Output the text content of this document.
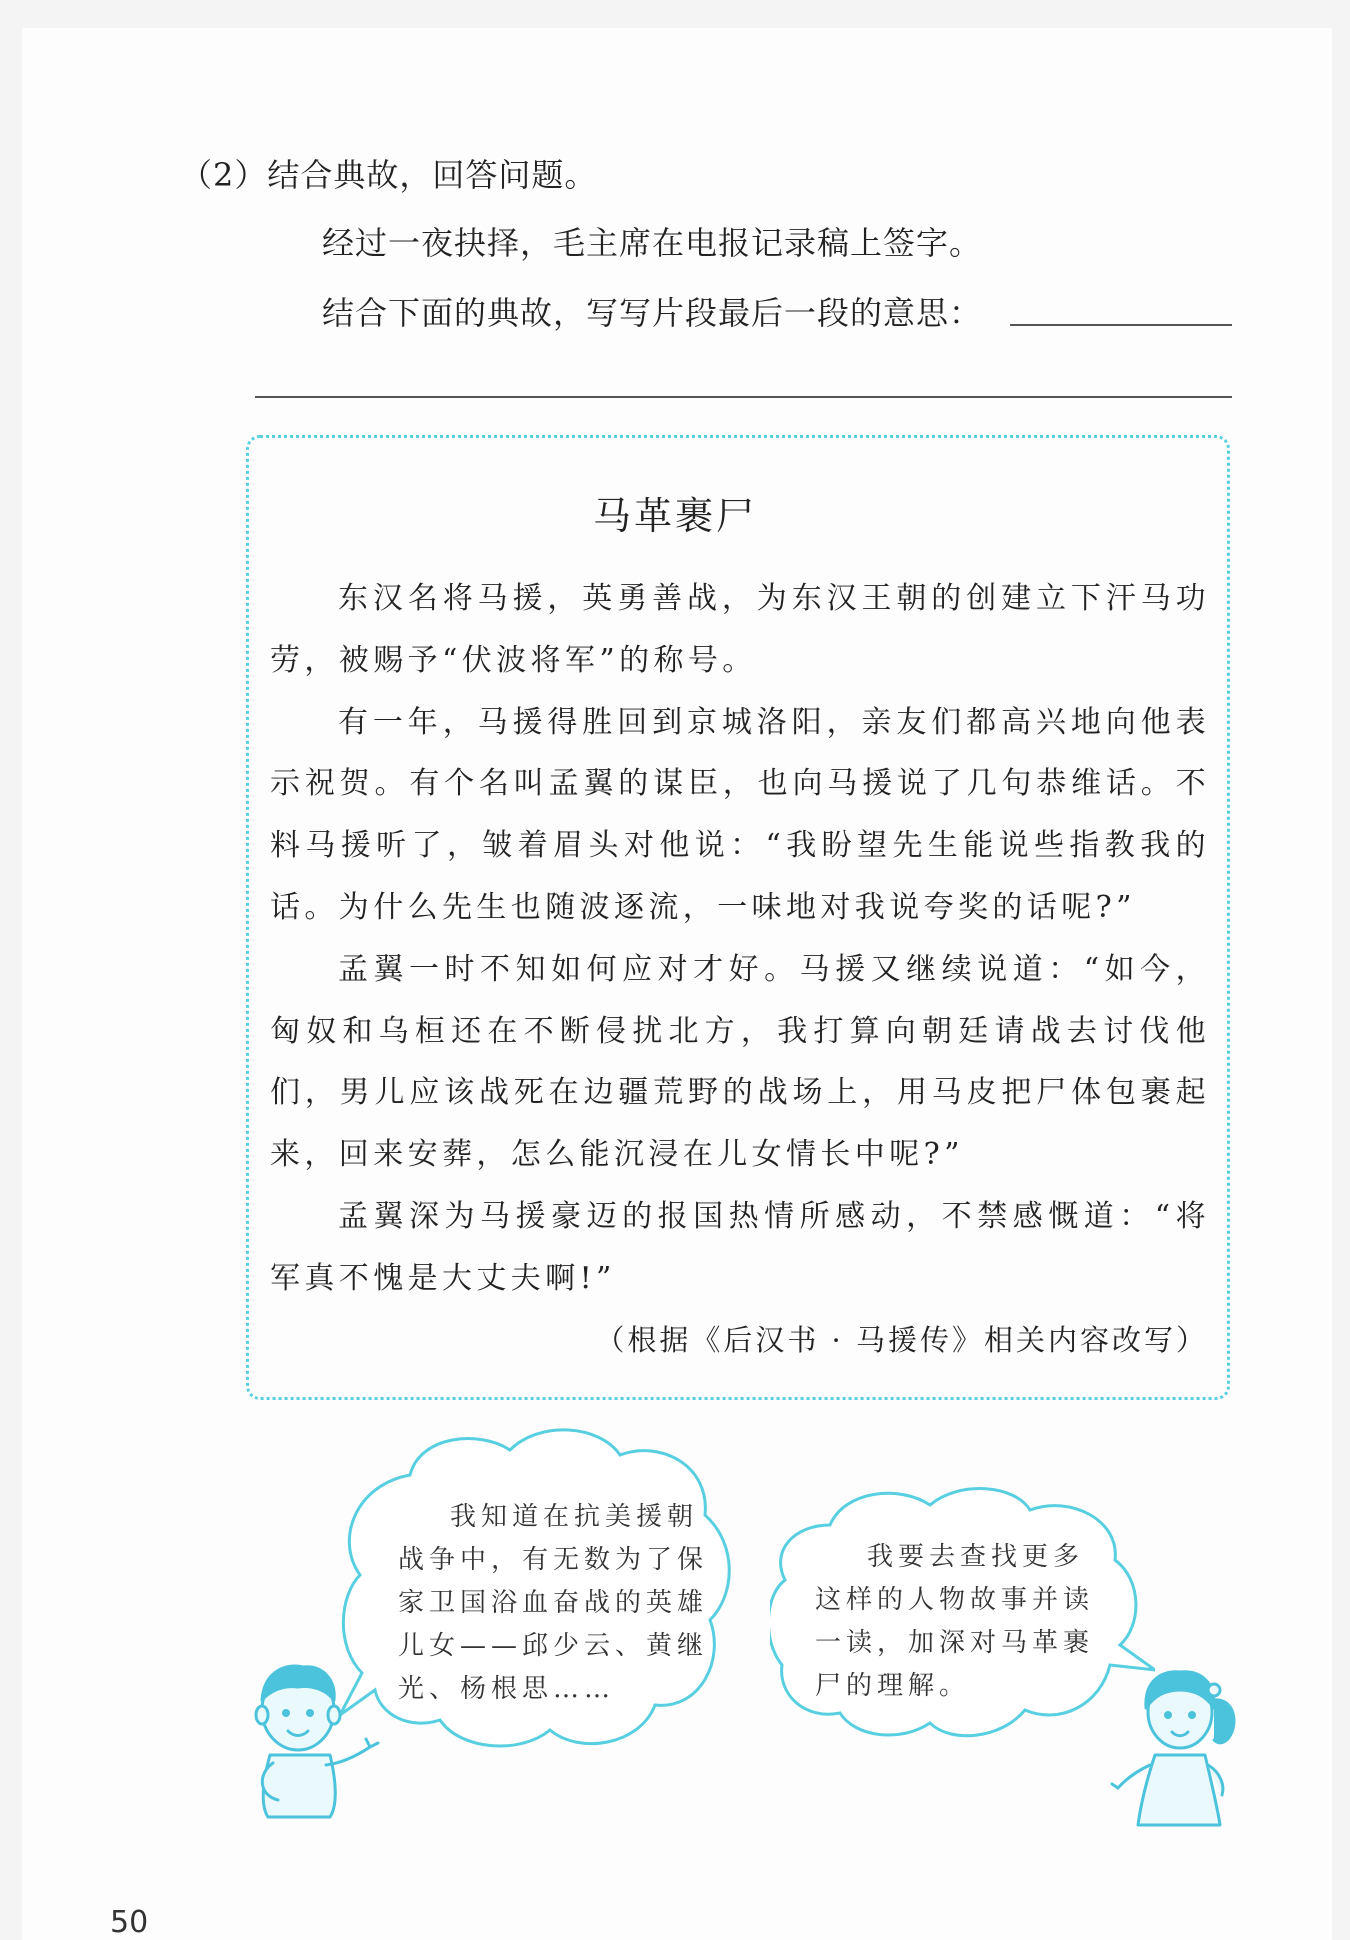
（2）结合典故，回答问题。
经过一夜抉择，毛主席在电报记录稿上签字。
结合下面的典故，写写片段最后一段的意思：
马革裹尸

东汉名将马援，英勇善战，为东汉王朝的创建立下汗马功劳，被赐予“伏波将军”的称号。

有一年，马援得胜回到京城洛阳，亲友们都高兴地向他表示祝贺。有个名叫孟翼的谋臣，也向马援说了几句恭维话。不料马援听了，皱着眉头对他说：“我盼望先生能说些指教我的话。为什么先生也随波逐流，一味地对我说夸奖的话呢?”

孟翼一时不知如何应对才好。马援又继续说道：“如今，匈奴和乌桓还在不断侵扰北方，我打算向朝廷请战去讨伐他们，男儿应该战死在边疆荒野的战场上，用马皮把尸体包裹起来，回来安葬，怎么能沉浸在儿女情长中呢?”

孟翼深为马援豪迈的报国热情所感动，不禁感慨道：“将军真不愧是大丈夫啊!”

（根据《后汉书 · 马援传》相关内容改写）
我知道在抗美援朝
战争中，有无数为了保
家卫国浴血奋战的英雄
儿女——邱少云、黄继
光、杨根思……
我要去查找更多
这样的人物故事并读
一读，加深对马革裹
尸的理解。
50
